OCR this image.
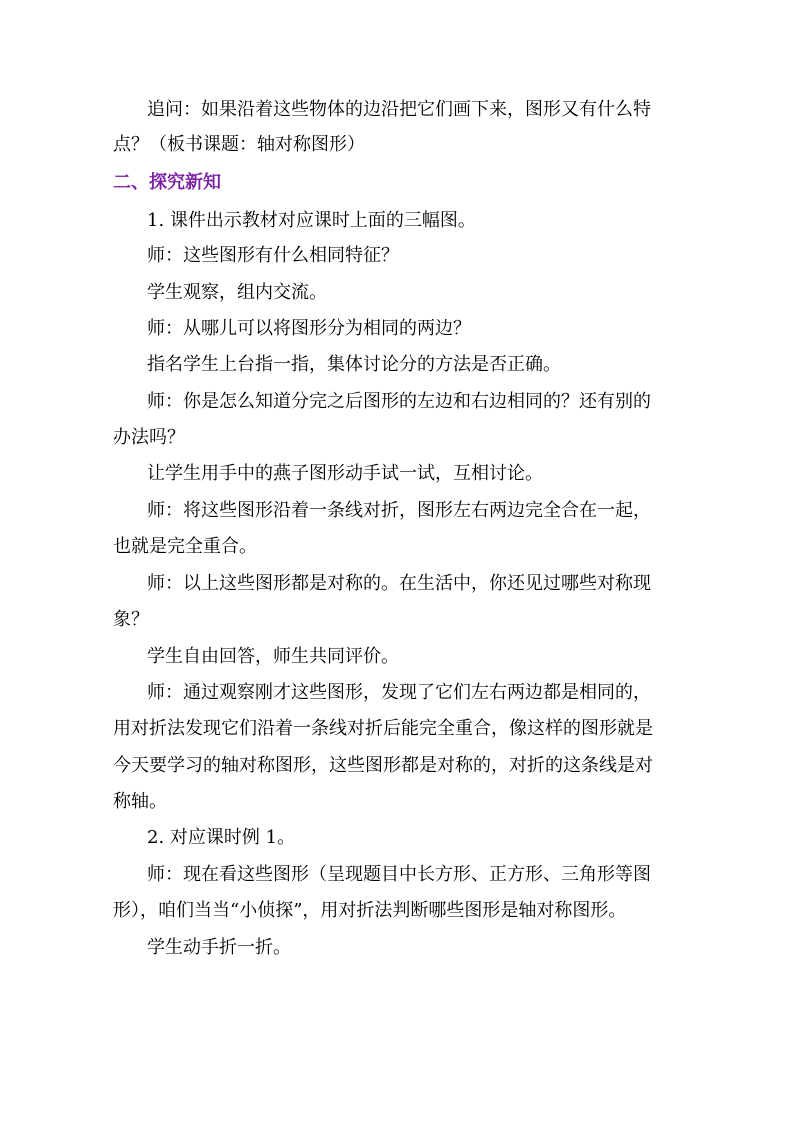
追问：如果沿着这些物体的边沿把它们画下来，图形又有什么特
点？（板书课题：轴对称图形）
二、探究新知
1. 课件出示教材对应课时上面的三幅图。
师：这些图形有什么相同特征？
学生观察，组内交流。
师：从哪儿可以将图形分为相同的两边？
指名学生上台指一指，集体讨论分的方法是否正确。
师：你是怎么知道分完之后图形的左边和右边相同的？还有别的
办法吗？
让学生用手中的燕子图形动手试一试，互相讨论。
师：将这些图形沿着一条线对折，图形左右两边完全合在一起，
也就是完全重合。
师：以上这些图形都是对称的。在生活中，你还见过哪些对称现
象？
学生自由回答，师生共同评价。
师：通过观察刚才这些图形，发现了它们左右两边都是相同的，
用对折法发现它们沿着一条线对折后能完全重合，像这样的图形就是
今天要学习的轴对称图形，这些图形都是对称的，对折的这条线是对
称轴。
2. 对应课时例 1。
师：现在看这些图形（呈现题目中长方形、正方形、三角形等图
形），咱们当当“小侦探”，用对折法判断哪些图形是轴对称图形。
学生动手折一折。
